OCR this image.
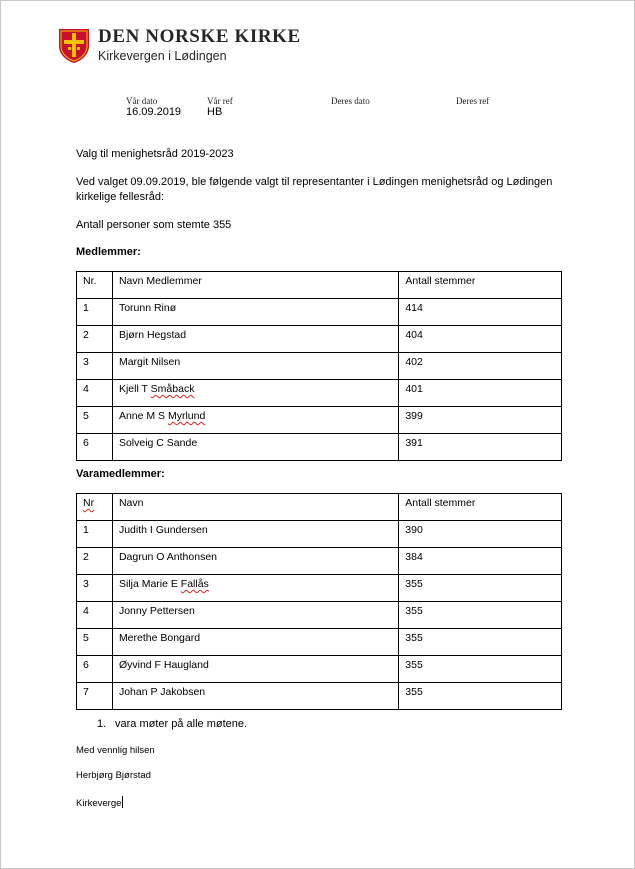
DEN NORSKE KIRKE
Kirkevergen i Lødingen
Vår dato
16.09.2019
Vår ref
HB
Deres dato	Deres ref
Valg til menighetsråd 2019-2023
Ved valget 09.09.2019, ble følgende valgt til representanter i Lødingen menighetsråd og Lødingen
kirkelige fellesråd:
Antall personer som stemte 355
Medlemmer:
Nr.	Navn Medlemmer	Antall stemmer
1	Torunn Rinø	414
2	Bjørn Hegstad	404
3	Margit Nilsen	402
4	Kjell T Småback	401
5	Anne M S Myrlund	399
6	Solveig C Sande	391
Varamedlemmer:
Nr	Navn	Antall stemmer
1	Judith I Gundersen	390
2	Dagrun O Anthonsen	384
3	Silja Marie E Fallås	355
4	Jonny Pettersen	355
5	Merethe Bongard	355
6	Øyvind F Haugland	355
7	Johan P Jakobsen	355
1. vara møter på alle møtene.
Med vennlig hilsen
Herbjørg Bjørstad
Kirkeverge
